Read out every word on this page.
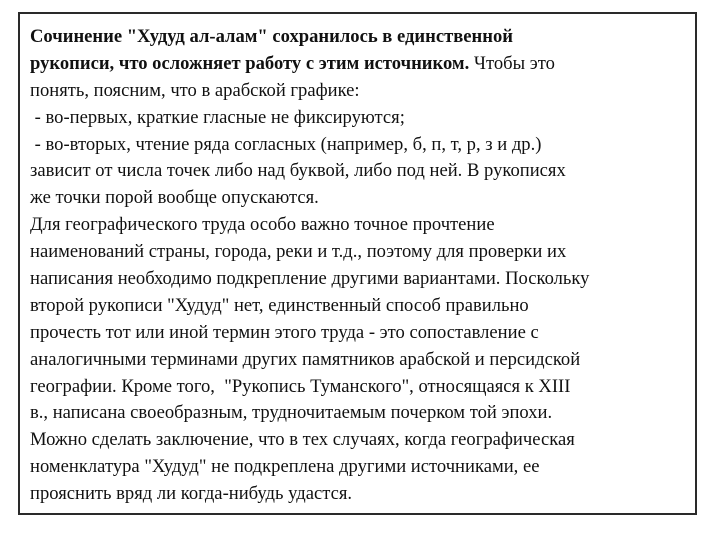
Сочинение "Худуд ал-алам" сохранилось в единственной
рукописи, что осложняет работу с этим источником. Чтобы это
понять, поясним, что в арабской графике:
- во-первых, краткие гласные не фиксируются;
- во-вторых, чтение ряда согласных (например, б, п, т, р, з и др.)
зависит от числа точек либо над буквой, либо под ней. В рукописях
же точки порой вообще опускаются.
Для географического труда особо важно точное прочтение
наименований страны, города, реки и т.д., поэтому для проверки их
написания необходимо подкрепление другими вариантами. Поскольку
второй рукописи "Худуд" нет, единственный способ правильно
прочесть тот или иной термин этого труда - это сопоставление с
аналогичными терминами других памятников арабской и персидской
географии. Кроме того,  "Рукопись Туманского", относящаяся к XIII
в., написана своеобразным, трудночитаемым почерком той эпохи.
Можно сделать заключение, что в тех случаях, когда географическая
номенклатура "Худуд" не подкреплена другими источниками, ее
прояснить вряд ли когда-нибудь удастся.
